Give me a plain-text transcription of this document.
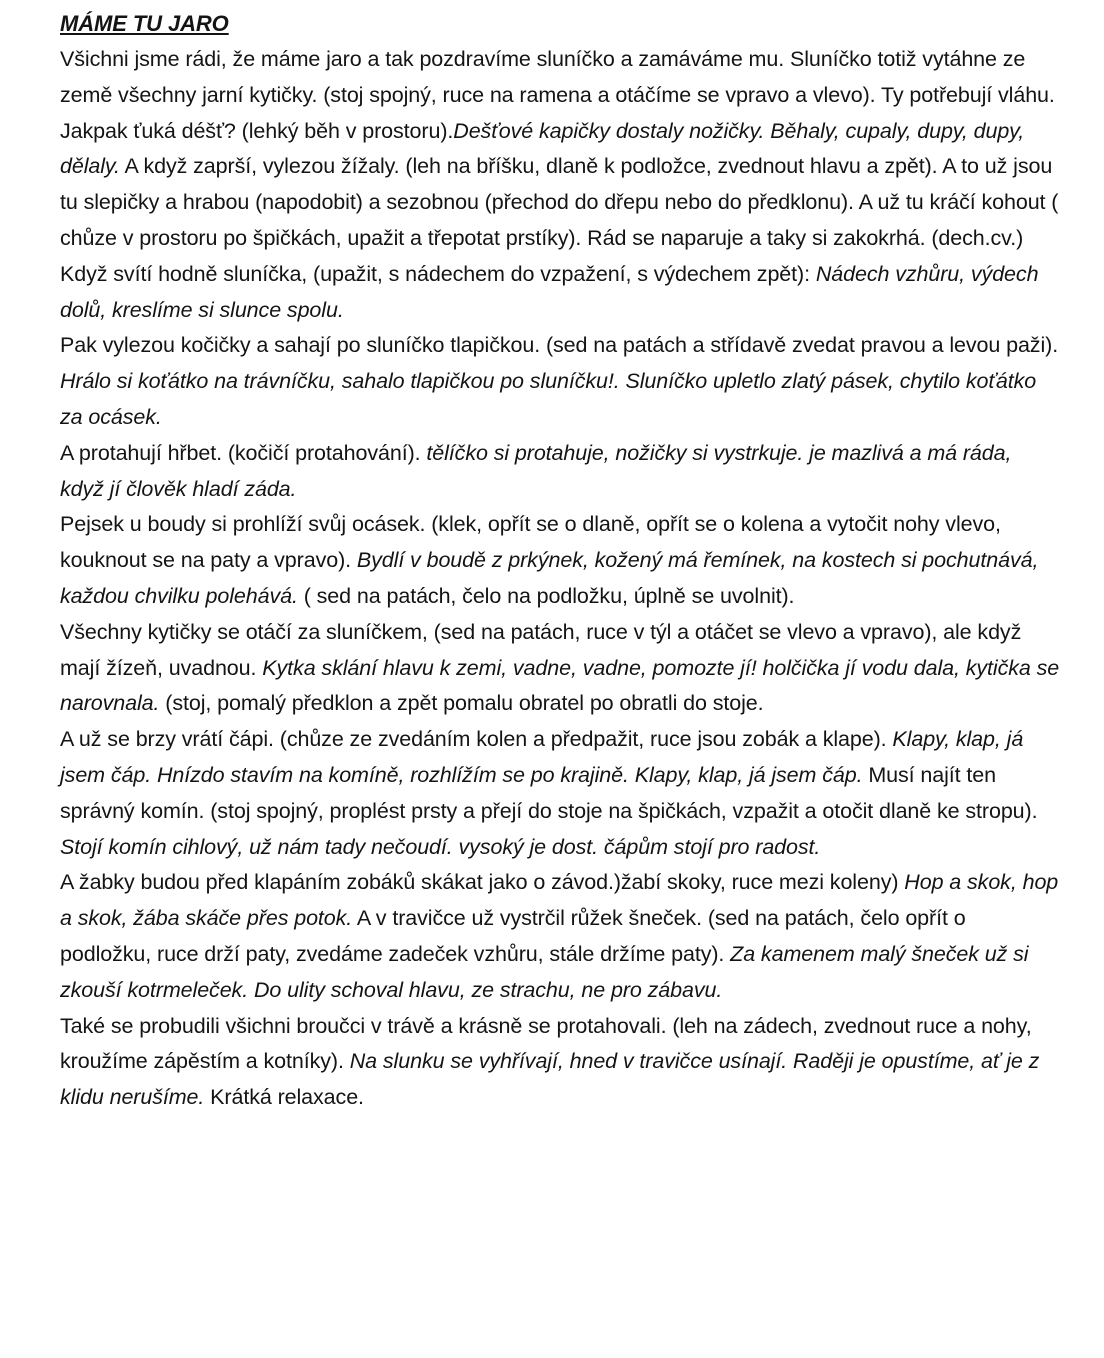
MÁME TU JARO

Všichni jsme rádi, že máme jaro a tak pozdravíme sluníčko a zamáváme mu. Sluníčko totiž vytáhne ze země všechny jarní kytičky. (stoj spojný, ruce na ramena a otáčíme se vpravo a vlevo). Ty potřebují vláhu. Jakpak ťuká déšť? (lehký běh v prostoru).Dešťové kapičky dostaly nožičky. Běhaly, cupaly, dupy, dupy, dělaly. A když zaprší, vylezou žížaly. (leh na bříšku, dlaně k podložce, zvednout hlavu a zpět). A to už jsou tu slepičky a hrabou (napodobit) a sezobnou (přechod do dřepu nebo do předklonu). A už tu kráčí kohout ( chůze v prostoru po špičkách, upažit a třepotat prstíky). Rád se naparuje a taky si zakokrhá. (dech.cv.)

Když svítí hodně sluníčka, (upažit, s nádechem do vzpažení, s výdechem zpět): Nádech vzhůru, výdech dolů, kreslíme si slunce spolu.

Pak vylezou kočičky a sahají po sluníčko tlapičkou. (sed na patách a střídavě zvedat pravou a levou paži). Hrálo si koťátko na trávníčku, sahalo tlapičkou po sluníčku!. Sluníčko upletlo zlatý pásek, chytilo koťátko za ocásek.

A protahují hřbet. (kočičí protahování). tělíčko si protahuje, nožičky si vystrkuje. je mazlivá a má ráda, když jí člověk hladí záda.

Pejsek u boudy si prohlíží svůj ocásek. (klek, opřít se o dlaně, opřít se o kolena a vytočit nohy vlevo, kouknout se na paty a vpravo). Bydlí v boudě z prkýnek, kožený má řemínek, na kostech si pochutnává, každou chvilku polehává. ( sed na patách, čelo na podložku, úplně se uvolnit).

Všechny kytičky se otáčí za sluníčkem, (sed na patách, ruce v týl a otáčet se vlevo a vpravo), ale když mají žízeň, uvadnou. Kytka sklání hlavu k zemi, vadne, vadne, pomozte jí! holčička jí vodu dala, kytička se narovnala. (stoj, pomalý předklon a zpět pomalu obratel po obratli do stoje.

A už se brzy vrátí čápi. (chůze ze zvedáním kolen a předpažit, ruce jsou zobák a klape). Klapy, klap, já jsem čáp. Hnízdo stavím na komíně, rozhlížím se po krajině. Klapy, klap, já jsem čáp. Musí najít ten správný komín. (stoj spojný, proplést prsty a přejí do stoje na špičkách, vzpažit a otočit dlaně ke stropu). Stojí komín cihlový, už nám tady nečoudí. vysoký je dost. čápům stojí pro radost.

A žabky budou před klapáním zobáků skákat jako o závod.)žabí skoky, ruce mezi koleny) Hop a skok, hop a skok, žába skáče přes potok. A v travičce už vystrčil růžek šneček. (sed na patách, čelo opřít o podložku, ruce drží paty, zvedáme zadeček vzhůru, stále držíme paty). Za kamenem malý šneček už si zkouší kotrmeleček. Do ulity schoval hlavu, ze strachu, ne pro zábavu.

Také se probudili všichni broučci v trávě a krásně se protahovali. (leh na zádech, zvednout ruce a nohy, kroužíme zápěstím a kotníky). Na slunku se vyhřívají, hned v travičce usínají. Raději je opustíme, ať je z klidu nerušíme. Krátká relaxace.
